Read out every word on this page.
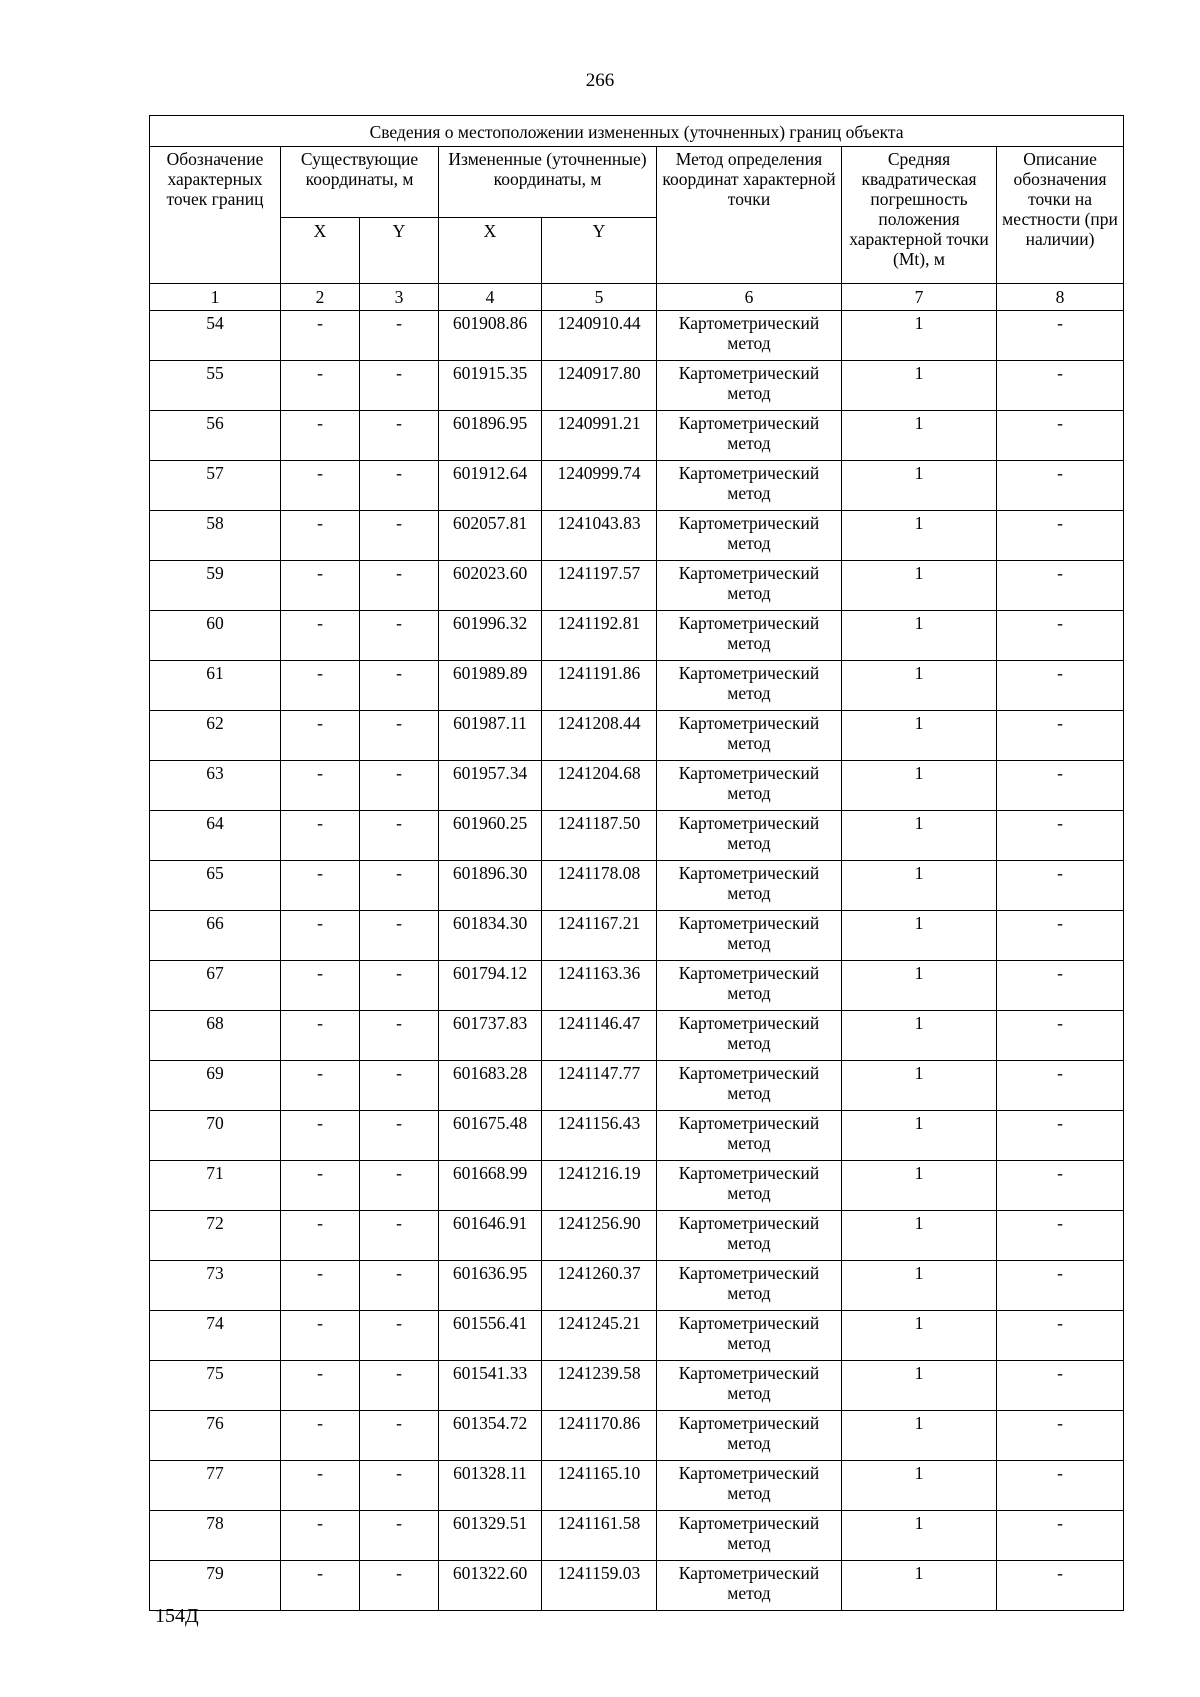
266
Сведения о местоположении измененных (уточненных) границ объекта							
Обозначение характерных точек границ	Существующие координаты, м		Измененные (уточненные) координаты, м		Метод определения координат характерной точки	Средняя квадратическая погрешность положения характерной точки (Mt), м	Описание обозначения точки на местности (при наличии)
	X	Y	X	Y			
1	2	3	4	5	6	7	8
54	-	-	601908.86	1240910.44	Картометрический метод	1	-
55	-	-	601915.35	1240917.80	Картометрический метод	1	-
56	-	-	601896.95	1240991.21	Картометрический метод	1	-
57	-	-	601912.64	1240999.74	Картометрический метод	1	-
58	-	-	602057.81	1241043.83	Картометрический метод	1	-
59	-	-	602023.60	1241197.57	Картометрический метод	1	-
60	-	-	601996.32	1241192.81	Картометрический метод	1	-
61	-	-	601989.89	1241191.86	Картометрический метод	1	-
62	-	-	601987.11	1241208.44	Картометрический метод	1	-
63	-	-	601957.34	1241204.68	Картометрический метод	1	-
64	-	-	601960.25	1241187.50	Картометрический метод	1	-
65	-	-	601896.30	1241178.08	Картометрический метод	1	-
66	-	-	601834.30	1241167.21	Картометрический метод	1	-
67	-	-	601794.12	1241163.36	Картометрический метод	1	-
68	-	-	601737.83	1241146.47	Картометрический метод	1	-
69	-	-	601683.28	1241147.77	Картометрический метод	1	-
70	-	-	601675.48	1241156.43	Картометрический метод	1	-
71	-	-	601668.99	1241216.19	Картометрический метод	1	-
72	-	-	601646.91	1241256.90	Картометрический метод	1	-
73	-	-	601636.95	1241260.37	Картометрический метод	1	-
74	-	-	601556.41	1241245.21	Картометрический метод	1	-
75	-	-	601541.33	1241239.58	Картометрический метод	1	-
76	-	-	601354.72	1241170.86	Картометрический метод	1	-
77	-	-	601328.11	1241165.10	Картометрический метод	1	-
78	-	-	601329.51	1241161.58	Картометрический метод	1	-
79	-	-	601322.60	1241159.03	Картометрический метод	1	-
154Д
